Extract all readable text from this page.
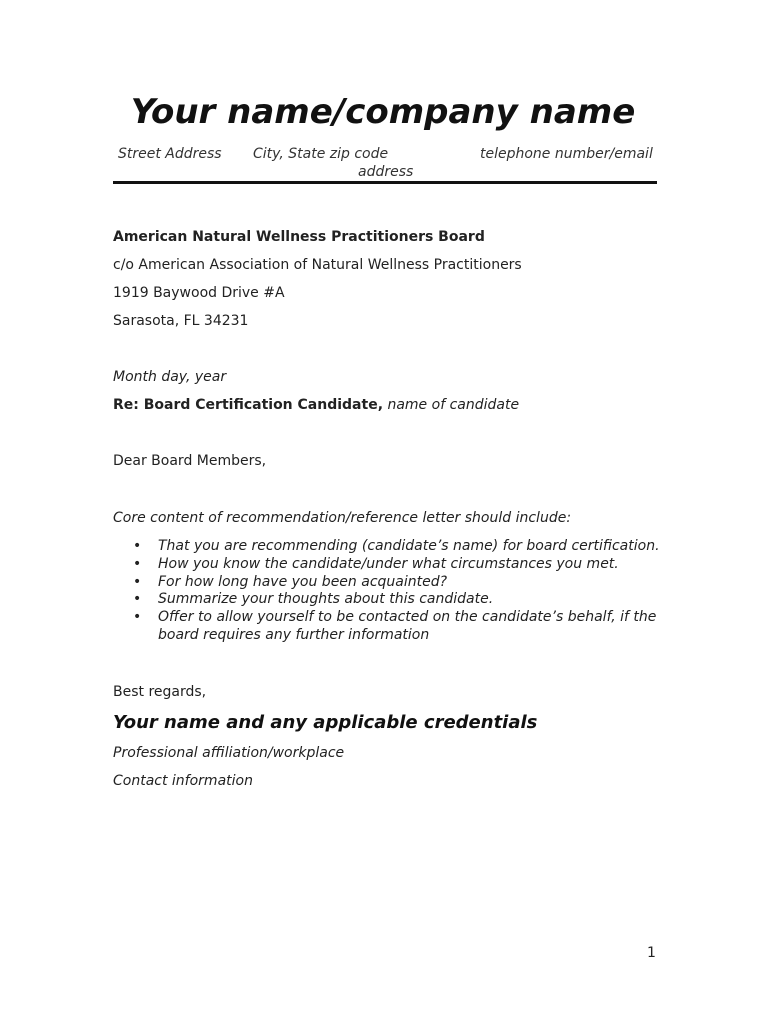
Your name/company name
Street Address City, State zip code	telephone number/email
address

American Natural Wellness Practitioners Board

c/o American Association of Natural Wellness Practitioners

1919 Baywood Drive #A

Sarasota, FL 34231

Month day, year

Re: Board Certification Candidate, name of candidate

Dear Board Members,

Core content of recommendation/reference letter should include:

• That you are recommending (candidate’s name) for board certification.
• How you know the candidate/under what circumstances you met.
• For how long have you been acquainted?
• Summarize your thoughts about this candidate.
• Offer to allow yourself to be contacted on the candidate’s behalf, if the board requires any further information

Best regards,

Your name and any applicable credentials

Professional affiliation/workplace

Contact information

1
